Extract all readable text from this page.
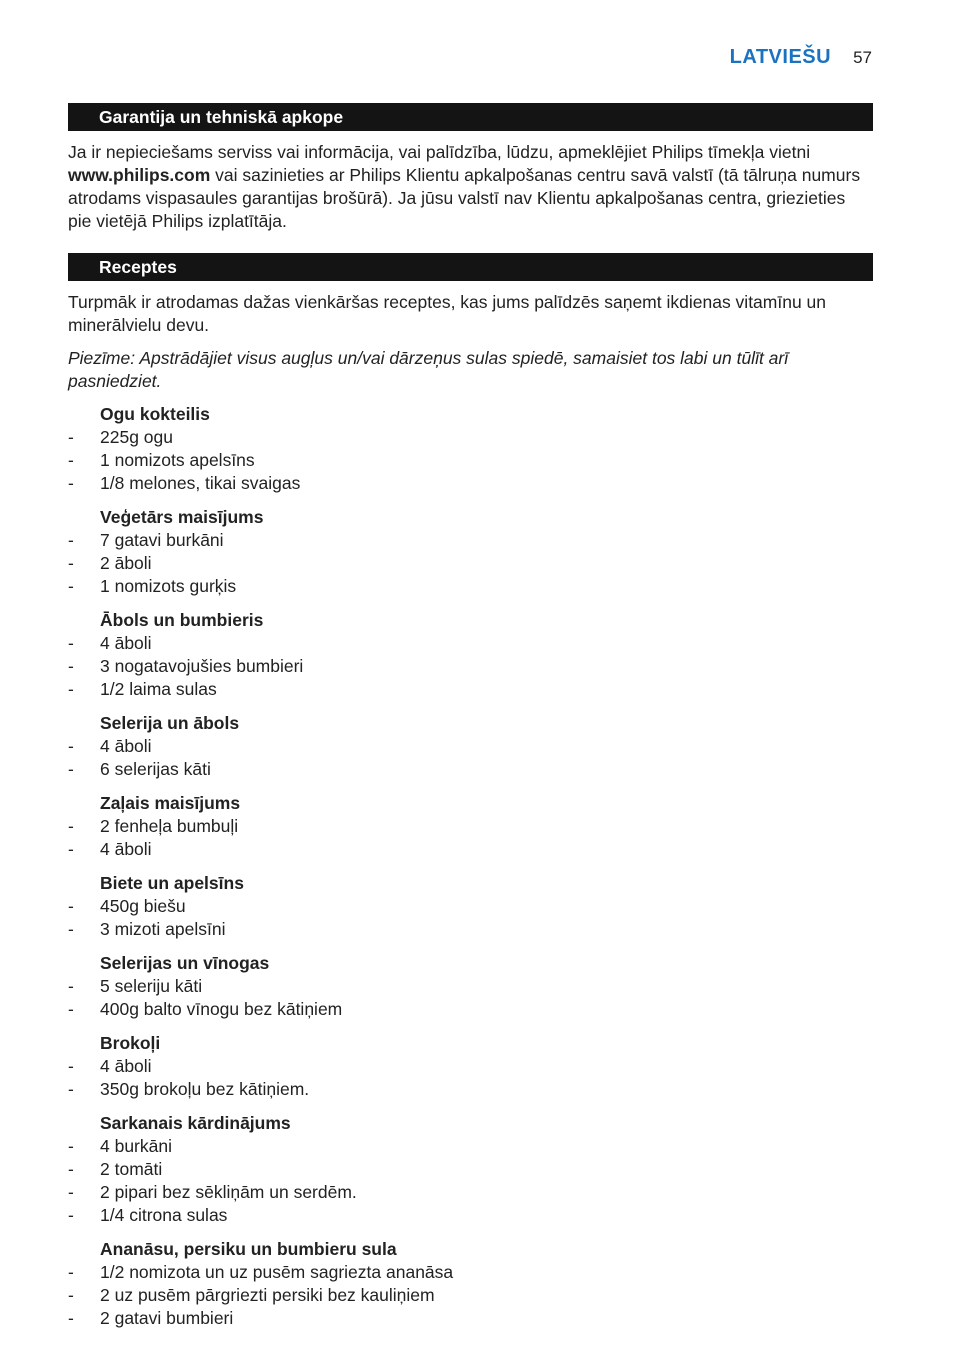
LATVIEŠU 57
Garantija un tehniskā apkope

Ja ir nepieciešams serviss vai informācija, vai palīdzība, lūdzu, apmeklējiet Philips tīmekļa vietni www.philips.com vai sazinieties ar Philips Klientu apkalpošanas centru savā valstī (tā tālruņa numurs atrodams vispasaules garantijas brošūrā). Ja jūsu valstī nav Klientu apkalpošanas centra, griezieties pie vietējā Philips izplatītāja.

Receptes

Turpmāk ir atrodamas dažas vienkāršas receptes, kas jums palīdzēs saņemt ikdienas vitamīnu un minerālvielu devu.

Piezīme: Apstrādājiet visus augļus un/vai dārzeņus sulas spiedē, samaisiet tos labi un tūlīt arī pasniedziet.
Ogu kokteilis
-	225g ogu
-	1 nomizots apelsīns
-	1/8 melones, tikai svaigas
Veģetārs maisījums
-	7 gatavi burkāni
-	2 āboli
-	1 nomizots gurķis
Ābols un bumbieris
-	4 āboli
-	3 nogatavojušies bumbieri
-	1/2 laima sulas
Selerija un ābols
-	4 āboli
-	6 selerijas kāti
Zaļais maisījums
-	2 fenheļa bumbuļi
-	4 āboli
Biete un apelsīns
-	450g biešu
-	3 mizoti apelsīni
Selerijas un vīnogas
-	5 seleriju kāti
-	400g balto vīnogu bez kātiņiem
Brokoļi
-	4 āboli
-	350g brokoļu bez kātiņiem.
Sarkanais kārdinājums
-	4 burkāni
-	2 tomāti
-	2 pipari bez sēkliņām un serdēm.
-	1/4 citrona sulas
Ananāsu, persiku un bumbieru sula
-	1/2 nomizota un uz pusēm sagriezta ananāsa
-	2 uz pusēm pārgriezti persiki bez kauliņiem
-	2 gatavi bumbieri
